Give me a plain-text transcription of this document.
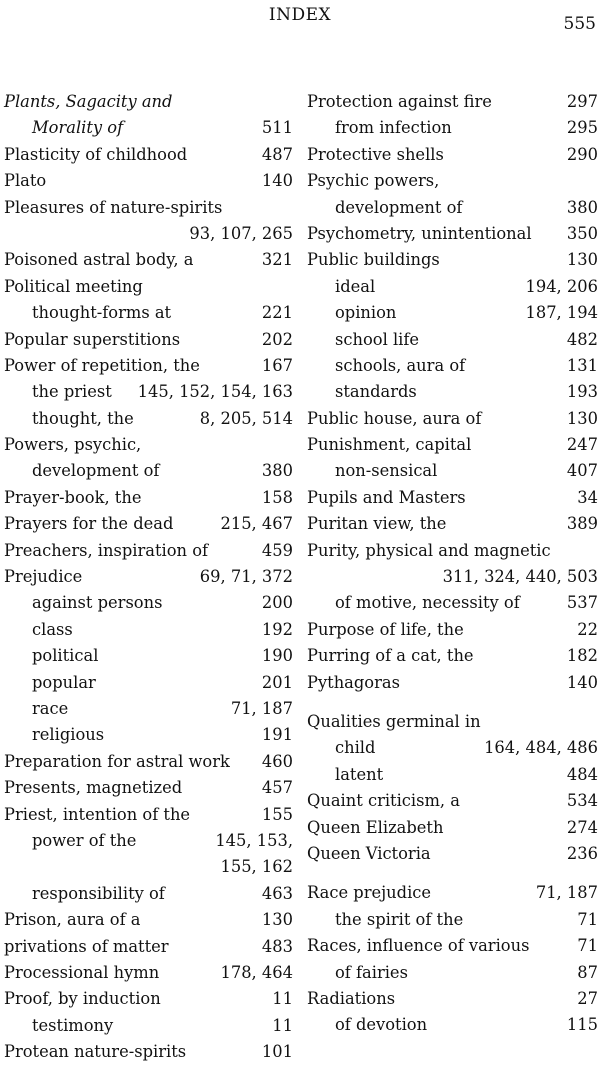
INDEX	555
Plants, Sagacity and
Morality of	511
Plasticity of childhood	487
Plato	140
Pleasures of nature-spirits
93, 107, 265
Poisoned astral body, a	321
Political meeting
thought-forms at	221
Popular superstitions	202
Power of repetition, the	167
the priest 145, 152, 154, 163
thought, the	8, 205, 514
Powers, psychic,
development of	380
Prayer-book, the	158
Prayers for the dead	215, 467
Preachers, inspiration of	459
Prejudice	69, 71, 372
against persons	200
class	192
political	190
popular	201
race	71, 187
religious	191
Preparation for astral work 460
Presents, magnetized	457
Priest, intention of the	155
power of the	145, 153,
155, 162
responsibility of	463
Prison, aura of a	130
privations of matter	483
Processional hymn	178, 464
Proof, by induction	11
testimony	11
Protean nature-spirits	101
Protection against fire	297
from infection	295
Protective shells	290
Psychic powers,
development of	380
Psychometry, unintentional 350
Public buildings	130
ideal	194, 206
opinion	187, 194
school life	482
schools, aura of	131
standards	193
Public house, aura of	130
Punishment, capital	247
non-sensical	407
Pupils and Masters	34
Puritan view, the	389
Purity, physical and magnetic
311, 324, 440, 503
of motive, necessity of	537
Purpose of life, the	22
Purring of a cat, the	182
Pythagoras	140
Qualities germinal in
child	164, 484, 486
latent	484
Quaint criticism, a	534
Queen Elizabeth	274
Queen Victoria	236
Race prejudice	71, 187
the spirit of the	71
Races, influence of various	71
of fairies	87
Radiations	27
of devotion	115
